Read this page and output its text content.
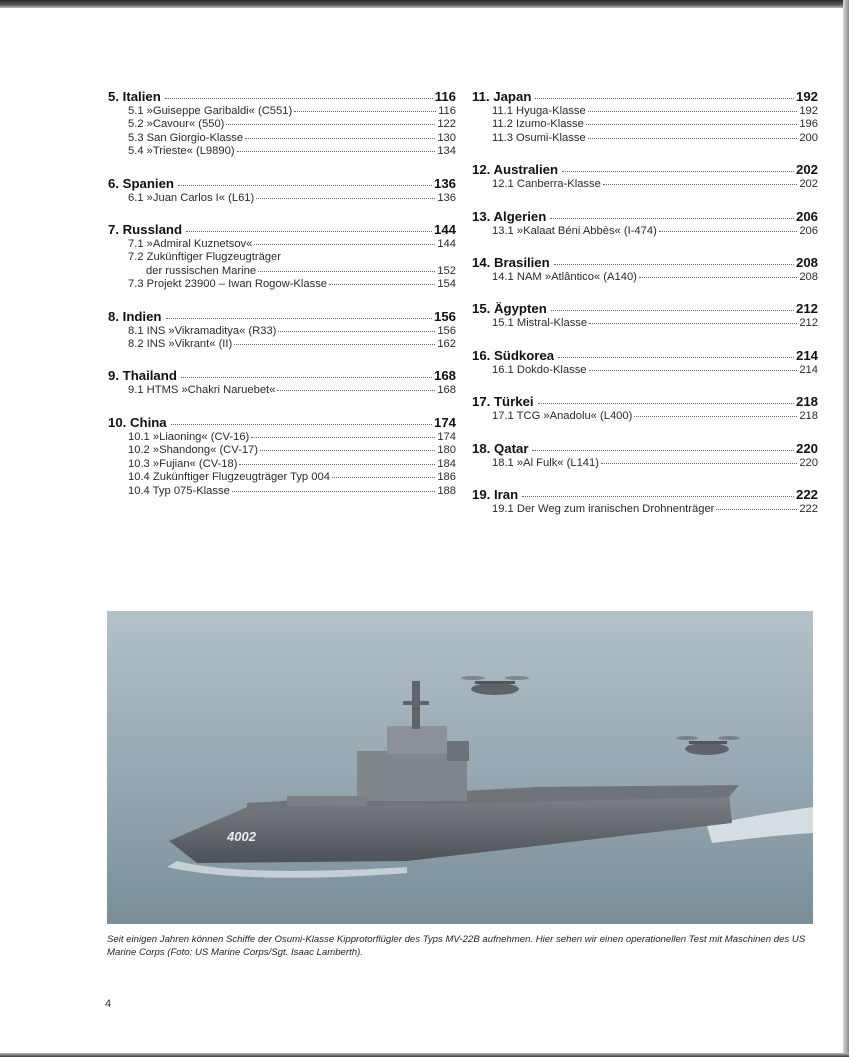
5. Italien	116
5.1 »Guiseppe Garibaldi« (C551)	116
5.2 »Cavour« (550)	122
5.3 San Giorgio-Klasse	130
5.4 »Trieste« (L9890)	134
6. Spanien	136
6.1 »Juan Carlos I« (L61)	136
7. Russland	144
7.1 »Admiral Kuznetsov«	144
7.2 Zukünftiger Flugzeugträger
der russischen Marine	152
7.3 Projekt 23900 – Iwan Rogow-Klasse	154
8. Indien	156
8.1 INS »Vikramaditya« (R33)	156
8.2 INS »Vikrant« (II)	162
9. Thailand	168
9.1 HTMS »Chakri Naruebet«	168
10. China	174
10.1 »Liaoning« (CV-16)	174
10.2 »Shandong« (CV-17)	180
10.3 »Fujian« (CV-18)	184
10.4 Zukünftiger Flugzeugträger Typ 004	186
10.4 Typ 075-Klasse	188
11. Japan	192
11.1 Hyuga-Klasse	192
11.2 Izumo-Klasse	196
11.3 Osumi-Klasse	200
12. Australien	202
12.1 Canberra-Klasse	202
13. Algerien	206
13.1 »Kalaat Béni Abbès« (I-474)	206
14. Brasilien	208
14.1 NAM »Atlântico« (A140)	208
15. Ägypten	212
15.1 Mistral-Klasse	212
16. Südkorea	214
16.1 Dokdo-Klasse	214
17. Türkei	218
17.1 TCG »Anadolu« (L400)	218
18. Qatar	220
18.1 »Al Fulk« (L141)	220
19. Iran	222
19.1 Der Weg zum iranischen Drohnenträger	222
4002
Seit einigen Jahren können Schiffe der Osumi-Klasse Kipprotorflügler des Typs MV-22B aufnehmen. Hier sehen wir einen operationellen Test mit Maschinen des US Marine Corps (Foto: US Marine Corps/Sgt. Isaac Lamberth).
4
